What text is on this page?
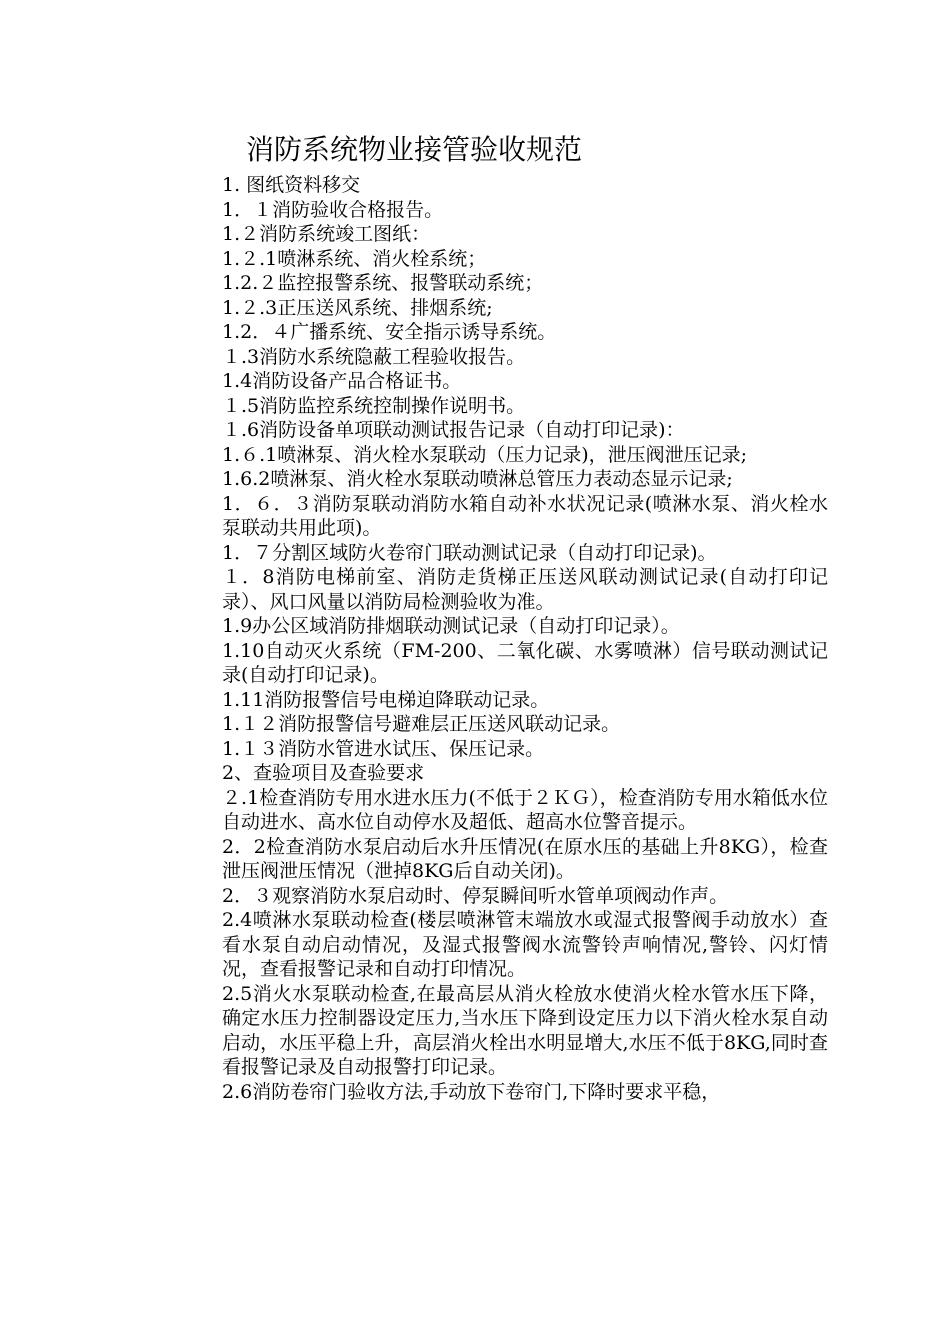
消防系统物业接管验收规范

1. 图纸资料移交

1．１消防验收合格报告。

1.２消防系统竣工图纸：

1.２.1喷淋系统、消火栓系统；

1.2.２监控报警系统、报警联动系统；

1.２.3正压送风系统、排烟系统;

1.2．４广播系统、安全指示诱导系统。

１.3消防水系统隐蔽工程验收报告。

1.4消防设备产品合格证书。

１.5消防监控系统控制操作说明书。

１.6消防设备单项联动测试报告记录（自动打印记录)：

1.６.1喷淋泵、消火栓水泵联动（压力记录)，泄压阀泄压记录;

1.6.2喷淋泵、消火栓水泵联动喷淋总管压力表动态显示记录;

1．６．３消防泵联动消防水箱自动补水状况记录(喷淋水泵、消火栓水泵联动共用此项)。

1．７分割区域防火卷帘门联动测试记录（自动打印记录)。

１．8消防电梯前室、消防走货梯正压送风联动测试记录(自动打印记录）、风口风量以消防局检测验收为准。

1.9办公区域消防排烟联动测试记录（自动打印记录）。

1.10自动灭火系统（FM-200、二氧化碳、水雾喷淋）信号联动测试记录(自动打印记录)。

1.11消防报警信号电梯迫降联动记录。

1.１２消防报警信号避难层正压送风联动记录。

1.１３消防水管进水试压、保压记录。

2、查验项目及查验要求

２.1检查消防专用水进水压力(不低于２ＫＧ），检查消防专用水箱低水位自动进水、高水位自动停水及超低、超高水位警音提示。

2．2检查消防水泵启动后水升压情况(在原水压的基础上升8KG），检查泄压阀泄压情况（泄掉8KG后自动关闭)。

2．３观察消防水泵启动时、停泵瞬间听水管单项阀动作声。

2.4喷淋水泵联动检查(楼层喷淋管末端放水或湿式报警阀手动放水）查看水泵自动启动情况，及湿式报警阀水流警铃声响情况,警铃、闪灯情况，查看报警记录和自动打印情况。

2.5消火水泵联动检查,在最高层从消火栓放水使消火栓水管水压下降，确定水压力控制器设定压力,当水压下降到设定压力以下消火栓水泵自动启动，水压平稳上升，高层消火栓出水明显增大,水压不低于8KG,同时查看报警记录及自动报警打印记录。

2.6消防卷帘门验收方法,手动放下卷帘门,下降时要求平稳，
